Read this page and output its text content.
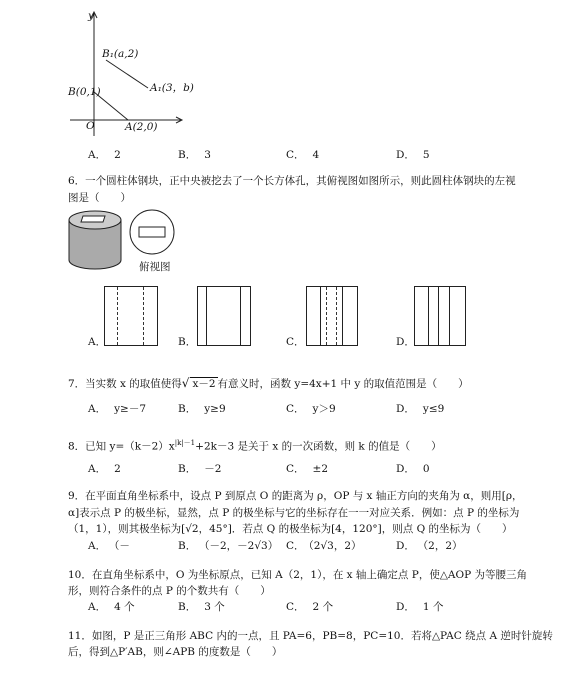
y
B₁(a,2)
A₁(3，b)
B(0,1)
O	A(2,0)
A． 2	B． 3	C． 4	D． 5
6．一个圆柱体钢块，正中央被挖去了一个长方体孔，其俯视图如图所示，则此圆柱体钢块的左视
图是（　　）
俯视图
A．	B．	C．	D．
7．当实数 x 的取值使得√ x－2 有意义时，函数 y=4x+1 中 y 的取值范围是（　　）
A． y≥－7	B． y≥9	C． y＞9	D． y≤9
8．已知 $y=(k-2)x^{|k|-1}+2k-3$ 是关于 x 的一次函数，则 k 的值是（　　）
A． 2	B． －2	C． ±2	D． 0
9．在平面直角坐标系中，设点 P 到原点 O 的距离为 ρ，OP 与 x 轴正方向的夹角为 α，则用[ρ，
α]表示点 P 的极坐标，显然，点 P 的极坐标与它的坐标存在一一对应关系．例如：点 P 的坐标为
（1，1），则其极坐标为[√2，45°]．若点 Q 的极坐标为[4，120°]，则点 Q 的坐标为（　　）
A． （－	B． （－2，－2√3） C． （2√3，2）	D． （2，2）
10．在直角坐标系中，O 为坐标原点，已知 A（2，1），在 x 轴上确定点 P，使△AOP 为等腰三角
形，则符合条件的点 P 的个数共有（　　）
A． 4 个	B． 3 个	C． 2 个	D． 1 个
11．如图，P 是正三角形 ABC 内的一点，且 PA=6，PB=8，PC=10．若将△PAC 绕点 A 逆时针旋转
后，得到△P′AB，则∠APB 的度数是（　　）
